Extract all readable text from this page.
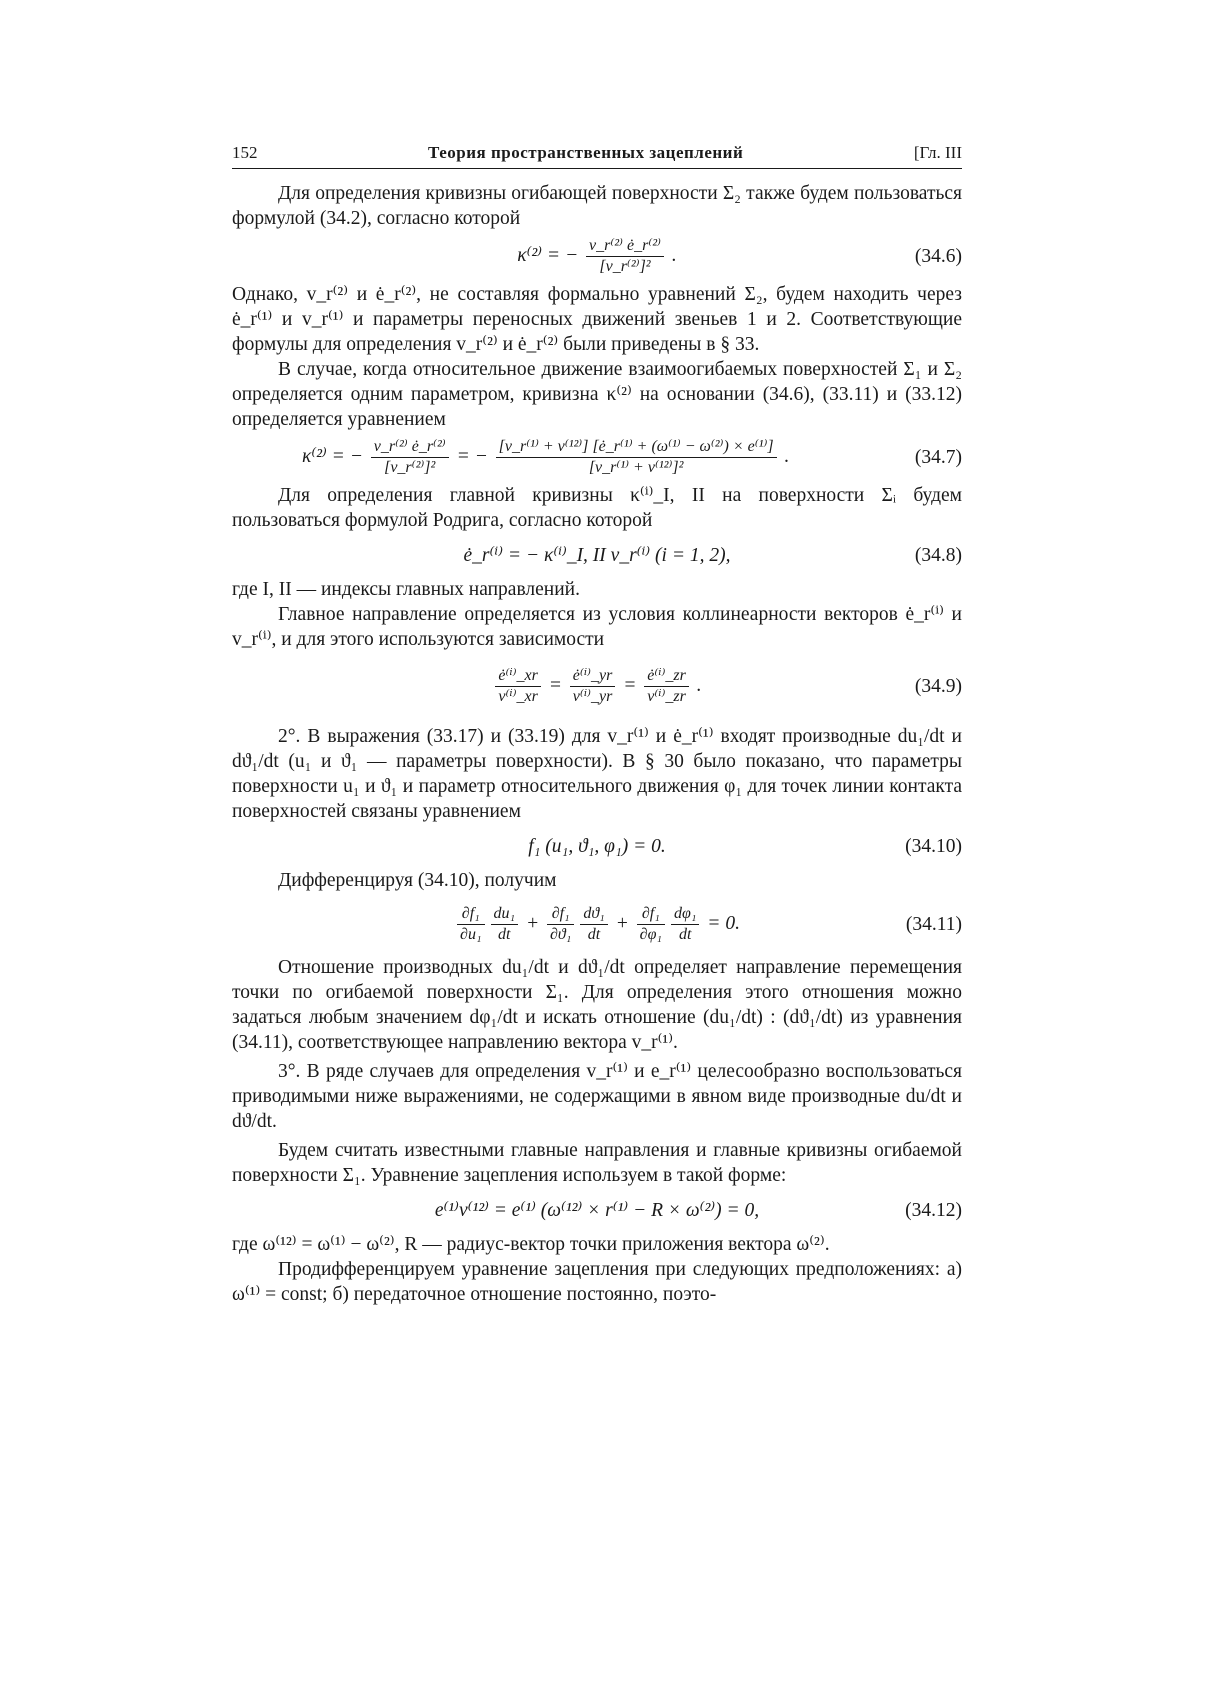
152	Теория пространственных зацеплений	[Гл. III

Для определения кривизны огибающей поверхности Σ₂ также будем пользоваться формулой (34.2), согласно которой

κ⁽²⁾ = − $\frac{\text{v\_r⁽²⁾ ė\_r⁽²⁾}}{\text{[v\_r⁽²⁾]²}}$ .	(34.6)

Однако, v_r⁽²⁾ и ė_r⁽²⁾, не составляя формально уравнений Σ₂, будем находить через ė_r⁽¹⁾ и v_r⁽¹⁾ и параметры переносных движений звеньев 1 и 2. Соответствующие формулы для определения v_r⁽²⁾ и ė_r⁽²⁾ были приведены в § 33.

В случае, когда относительное движение взаимоогибаемых поверхностей Σ₁ и Σ₂ определяется одним параметром, кривизна κ⁽²⁾ на основании (34.6), (33.11) и (33.12) определяется уравнением

κ⁽²⁾ = − $\frac{\text{v\_r⁽²⁾ ė\_r⁽²⁾}}{\text{[v\_r⁽²⁾]²}}$ = − $\frac{\text{[v\_r⁽¹⁾ + v⁽¹²⁾] [ė\_r⁽¹⁾ + (ω⁽¹⁾ − ω⁽²⁾) × e⁽¹⁾]}}{\text{[v\_r⁽¹⁾ + v⁽¹²⁾]²}}$ .	(34.7)

Для определения главной кривизны κ⁽ⁱ⁾_I, II на поверхности Σᵢ будем пользоваться формулой Родрига, согласно которой

ė_r⁽ⁱ⁾ = − κ⁽ⁱ⁾_I, II v_r⁽ⁱ⁾ (i = 1, 2),	(34.8)

где I, II — индексы главных направлений.

Главное направление определяется из условия коллинеарности векторов ė_r⁽ⁱ⁾ и v_r⁽ⁱ⁾, и для этого используются зависимости

$\frac{\text{ė⁽ⁱ⁾\_xr}}{\text{v⁽ⁱ⁾\_xr}} = \frac{\text{ė⁽ⁱ⁾\_yr}}{\text{v⁽ⁱ⁾\_yr}} = \frac{\text{ė⁽ⁱ⁾\_zr}}{\text{v⁽ⁱ⁾\_zr}}$ .	(34.9)

2°. В выражения (33.17) и (33.19) для v_r⁽¹⁾ и ė_r⁽¹⁾ входят производные du₁/dt и dϑ₁/dt (u₁ и ϑ₁ — параметры поверхности). В § 30 было показано, что параметры поверхности u₁ и ϑ₁ и параметр относительного движения φ₁ для точек линии контакта поверхностей связаны уравнением

f₁ (u₁, ϑ₁, φ₁) = 0.	(34.10)

Дифференцируя (34.10), получим

$\frac{\text{∂f₁}}{\text{∂u₁}} \frac{\text{du₁}}{dt} + \frac{\text{∂f₁}}{\text{∂ϑ₁}} \frac{\text{dϑ₁}}{dt} + \frac{\text{∂f₁}}{\text{∂φ₁}} \frac{\text{dφ₁}}{dt} = 0$.	(34.11)

Отношение производных du₁/dt и dϑ₁/dt определяет направление перемещения точки по огибаемой поверхности Σ₁. Для определения этого отношения можно задаться любым значением dφ₁/dt и искать отношение (du₁/dt) : (dϑ₁/dt) из уравнения (34.11), соответствующее направлению вектора v_r⁽¹⁾.

3°. В ряде случаев для определения v_r⁽¹⁾ и e_r⁽¹⁾ целесообразно воспользоваться приводимыми ниже выражениями, не содержащими в явном виде производные du/dt и dϑ/dt.

Будем считать известными главные направления и главные кривизны огибаемой поверхности Σ₁. Уравнение зацепления используем в такой форме:

e⁽¹⁾v⁽¹²⁾ = e⁽¹⁾ (ω⁽¹²⁾ × r⁽¹⁾ − R × ω⁽²⁾) = 0,	(34.12)

где ω⁽¹²⁾ = ω⁽¹⁾ − ω⁽²⁾, R — радиус-вектор точки приложения вектора ω⁽²⁾.

Продифференцируем уравнение зацепления при следующих предположениях: а) ω⁽¹⁾ = const; б) передаточное отношение постоянно, поэто-
